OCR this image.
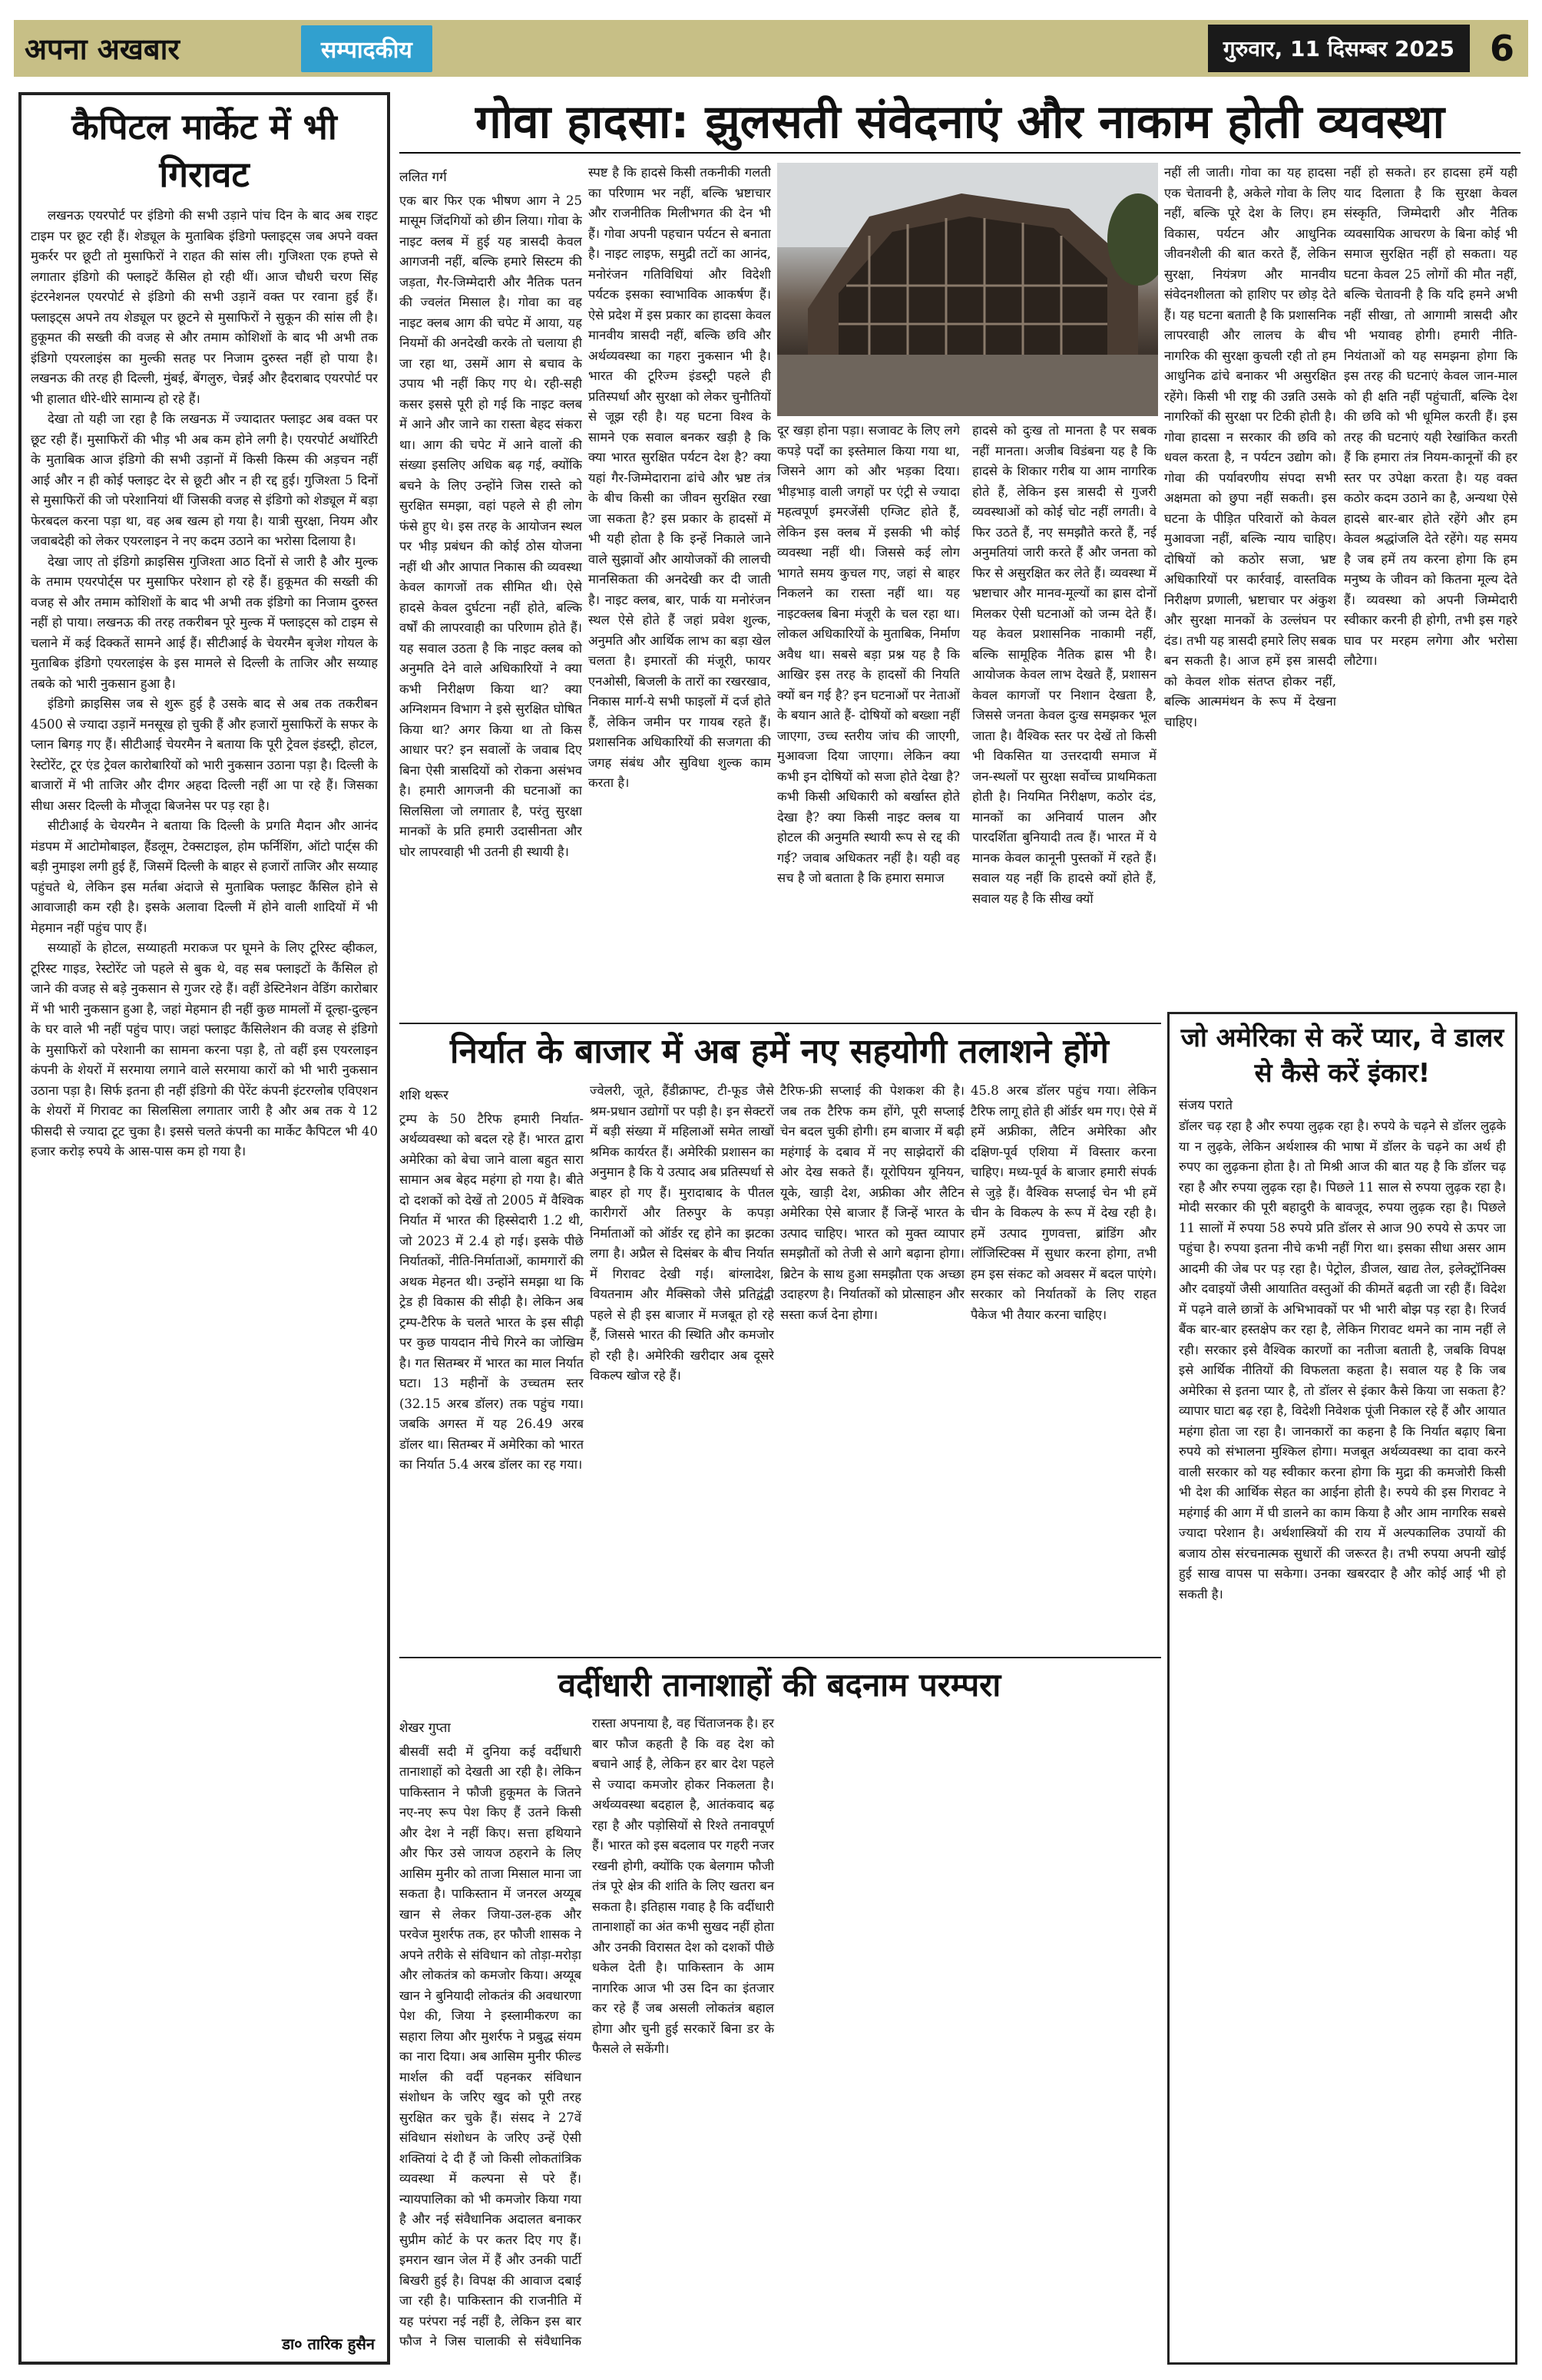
अपना अखबार	सम्पादकीय	गुरुवार, 11 दिसम्बर 2025 6
कैपिटल मार्केट में भी गिरावट

लखनऊ एयरपोर्ट पर इंडिगो की सभी उड़ाने पांच दिन के बाद अब राइट टाइम पर छूट रही हैं। शेड्यूल के मुताबिक इंडिगो फ्लाइट्स जब अपने वक्त मुकर्रर पर छूटी तो मुसाफिरों ने राहत की सांस ली। गुजिश्ता एक हफ्ते से लगातार इंडिगो की फ्लाइटें कैंसिल हो रही थीं। आज चौधरी चरण सिंह इंटरनेशनल एयरपोर्ट से इंडिगो की सभी उड़ानें वक्त पर रवाना हुई हैं। फ्लाइट्स अपने तय शेड्यूल पर छूटने से मुसाफिरों ने सुकून की सांस ली है। हुकूमत की सख्ती की वजह से और तमाम कोशिशों के बाद भी अभी तक इंडिगो एयरलाइंस का मुल्की सतह पर निजाम दुरुस्त नहीं हो पाया है। लखनऊ की तरह ही दिल्ली, मुंबई, बेंगलुरु, चेन्नई और हैदराबाद एयरपोर्ट पर भी हालात धीरे-धीरे सामान्य हो रहे हैं।

देखा तो यही जा रहा है कि लखनऊ में ज्यादातर फ्लाइट अब वक्त पर छूट रही हैं। मुसाफिरों की भीड़ भी अब कम होने लगी है। एयरपोर्ट अथॉरिटी के मुताबिक आज इंडिगो की सभी उड़ानों में किसी किस्म की अड़चन नहीं आई और न ही कोई फ्लाइट देर से छूटी और न ही रद्द हुई। गुजिश्ता 5 दिनों से मुसाफिरों की जो परेशानियां थीं जिसकी वजह से इंडिगो को शेड्यूल में बड़ा फेरबदल करना पड़ा था, वह अब खत्म हो गया है। यात्री सुरक्षा, नियम और जवाबदेही को लेकर एयरलाइन ने नए कदम उठाने का भरोसा दिलाया है।

देखा जाए तो इंडिगो क्राइसिस गुजिश्ता आठ दिनों से जारी है और मुल्क के तमाम एयरपोर्ट्स पर मुसाफिर परेशान हो रहे हैं। हुकूमत की सख्ती की वजह से और तमाम कोशिशों के बाद भी अभी तक इंडिगो का निजाम दुरुस्त नहीं हो पाया। लखनऊ की तरह तकरीबन पूरे मुल्क में फ्लाइट्स को टाइम से चलाने में कई दिक्कतें सामने आई हैं। सीटीआई के चेयरमैन बृजेश गोयल के मुताबिक इंडिगो एयरलाइंस के इस मामले से दिल्ली के ताजिर और सय्याह तबके को भारी नुकसान हुआ है।

इंडिगो क्राइसिस जब से शुरू हुई है उसके बाद से अब तक तकरीबन 4500 से ज्यादा उड़ानें मनसूख हो चुकी हैं और हजारों मुसाफिरों के सफर के प्लान बिगड़ गए हैं। सीटीआई चेयरमैन ने बताया कि पूरी ट्रेवल इंडस्ट्री, होटल, रेस्टोरेंट, टूर एंड ट्रेवल कारोबारियों को भारी नुकसान उठाना पड़ा है। दिल्ली के बाजारों में भी ताजिर और दीगर अहदा दिल्ली नहीं आ पा रहे हैं। जिसका सीधा असर दिल्ली के मौजूदा बिजनेस पर पड़ रहा है।

सीटीआई के चेयरमैन ने बताया कि दिल्ली के प्रगति मैदान और आनंद मंडपम में आटोमोबाइल, हैंडलूम, टेक्सटाइल, होम फर्निशिंग, ऑटो पार्ट्स की बड़ी नुमाइश लगी हुई हैं, जिसमें दिल्ली के बाहर से हजारों ताजिर और सय्याह पहुंचते थे, लेकिन इस मर्तबा अंदाजे से मुताबिक फ्लाइट कैंसिल होने से आवाजाही कम रही है। इसके अलावा दिल्ली में होने वाली शादियों में भी मेहमान नहीं पहुंच पाए हैं।

सय्याहों के होटल, सय्याहती मराकज पर घूमने के लिए टूरिस्ट व्हीकल, टूरिस्ट गाइड, रेस्टोरेंट जो पहले से बुक थे, वह सब फ्लाइटों के कैंसिल हो जाने की वजह से बड़े नुकसान से गुजर रहे हैं। वहीं डेस्टिनेशन वेडिंग कारोबार में भी भारी नुकसान हुआ है, जहां मेहमान ही नहीं कुछ मामलों में दूल्हा-दुल्हन के घर वाले भी नहीं पहुंच पाए। जहां फ्लाइट कैंसिलेशन की वजह से इंडिगो के मुसाफिरों को परेशानी का सामना करना पड़ा है, तो वहीं इस एयरलाइन कंपनी के शेयरों में सरमाया लगाने वाले सरमाया कारों को भी भारी नुकसान उठाना पड़ा है। सिर्फ इतना ही नहीं इंडिगो की पेरेंट कंपनी इंटरग्लोब एविएशन के शेयरों में गिरावट का सिलसिला लगातार जारी है और अब तक ये 12 फीसदी से ज्यादा टूट चुका है। इससे चलते कंपनी का मार्केट कैपिटल भी 40 हजार करोड़ रुपये के आस-पास कम हो गया है।

डा० तारिक हुसैन
गोवा हादसा: झुलसती संवेदनाएं और नाकाम होती व्यवस्था
ललित गर्ग
एक बार फिर एक भीषण आग ने 25 मासूम जिंदगियों को छीन लिया। गोवा के नाइट क्लब में हुई यह त्रासदी केवल आगजनी नहीं, बल्कि हमारे सिस्टम की जड़ता, गैर-जिम्मेदारी और नैतिक पतन की ज्वलंत मिसाल है। गोवा का वह नाइट क्लब आग की चपेट में आया, यह नियमों की अनदेखी करके तो चलाया ही जा रहा था, उसमें आग से बचाव के उपाय भी नहीं किए गए थे। रही-सही कसर इससे पूरी हो गई कि नाइट क्लब में आने और जाने का रास्ता बेहद संकरा था। आग की चपेट में आने वालों की संख्या इसलिए अधिक बढ़ गई, क्योंकि बचने के लिए उन्होंने जिस रास्ते को सुरक्षित समझा, वहां पहले से ही लोग फंसे हुए थे। इस तरह के आयोजन स्थल पर भीड़ प्रबंधन की कोई ठोस योजना नहीं थी और आपात निकास की व्यवस्था केवल कागजों तक सीमित थी। ऐसे हादसे केवल दुर्घटना नहीं होते, बल्कि वर्षों की लापरवाही का परिणाम होते हैं। यह सवाल उठता है कि नाइट क्लब को अनुमति देने वाले अधिकारियों ने क्या कभी निरीक्षण किया था? क्या अग्निशमन विभाग ने इसे सुरक्षित घोषित किया था? अगर किया था तो किस आधार पर? इन सवालों के जवाब दिए बिना ऐसी त्रासदियों को रोकना असंभव है। हमारी आगजनी की घटनाओं का सिलसिला जो लगातार है, परंतु सुरक्षा मानकों के प्रति हमारी उदासीनता और घोर लापरवाही भी उतनी ही स्थायी है।
स्पष्ट है कि हादसे किसी तकनीकी गलती का परिणाम भर नहीं, बल्कि भ्रष्टाचार और राजनीतिक मिलीभगत की देन भी हैं। गोवा अपनी पहचान पर्यटन से बनाता है। नाइट लाइफ, समुद्री तटों का आनंद, मनोरंजन गतिविधियां और विदेशी पर्यटक इसका स्वाभाविक आकर्षण हैं। ऐसे प्रदेश में इस प्रकार का हादसा केवल मानवीय त्रासदी नहीं, बल्कि छवि और अर्थव्यवस्था का गहरा नुकसान भी है। भारत की टूरिज्म इंडस्ट्री पहले ही प्रतिस्पर्धा और सुरक्षा को लेकर चुनौतियों से जूझ रही है। यह घटना विश्व के सामने एक सवाल बनकर खड़ी है कि क्या भारत सुरक्षित पर्यटन देश है? क्या यहां गैर-जिम्मेदाराना ढांचे और भ्रष्ट तंत्र के बीच किसी का जीवन सुरक्षित रखा जा सकता है? इस प्रकार के हादसों में भी यही होता है कि इन्हें निकाले जाने वाले सुझावों और आयोजकों की लालची मानसिकता की अनदेखी कर दी जाती है। नाइट क्लब, बार, पार्क या मनोरंजन स्थल ऐसे होते हैं जहां प्रवेश शुल्क, अनुमति और आर्थिक लाभ का बड़ा खेल चलता है। इमारतों की मंजूरी, फायर एनओसी, बिजली के तारों का रखरखाव, निकास मार्ग-ये सभी फाइलों में दर्ज होते हैं, लेकिन जमीन पर गायब रहते हैं। प्रशासनिक अधिकारियों की सजगता की जगह संबंध और सुविधा शुल्क काम करता है।
दूर खड़ा होना पड़ा। सजावट के लिए लगे कपड़े पर्दों का इस्तेमाल किया गया था, जिसने आग को और भड़का दिया। भीड़भाड़ वाली जगहों पर एंट्री से ज्यादा महत्वपूर्ण इमरजेंसी एग्जिट होते हैं, लेकिन इस क्लब में इसकी भी कोई व्यवस्था नहीं थी। जिससे कई लोग भागते समय कुचल गए, जहां से बाहर निकलने का रास्ता नहीं था। यह नाइटक्लब बिना मंजूरी के चल रहा था। लोकल अधिकारियों के मुताबिक, निर्माण अवैध था। सबसे बड़ा प्रश्न यह है कि आखिर इस तरह के हादसों की नियति क्यों बन गई है? इन घटनाओं पर नेताओं के बयान आते हैं- दोषियों को बख्शा नहीं जाएगा, उच्च स्तरीय जांच की जाएगी, मुआवजा दिया जाएगा। लेकिन क्या कभी इन दोषियों को सजा होते देखा है? कभी किसी अधिकारी को बर्खास्त होते देखा है? क्या किसी नाइट क्लब या होटल की अनुमति स्थायी रूप से रद्द की गई? जवाब अधिकतर नहीं है। यही वह सच है जो बताता है कि हमारा समाज
हादसे को दुःख तो मानता है पर सबक नहीं मानता। अजीब विडंबना यह है कि हादसे के शिकार गरीब या आम नागरिक होते हैं, लेकिन इस त्रासदी से गुजरी व्यवस्थाओं को कोई चोट नहीं लगती। वे फिर उठते हैं, नए समझौते करते हैं, नई अनुमतियां जारी करते हैं और जनता को फिर से असुरक्षित कर लेते हैं। व्यवस्था में भ्रष्टाचार और मानव-मूल्यों का ह्रास दोनों मिलकर ऐसी घटनाओं को जन्म देते हैं। यह केवल प्रशासनिक नाकामी नहीं, बल्कि सामूहिक नैतिक ह्रास भी है। आयोजक केवल लाभ देखते हैं, प्रशासन केवल कागजों पर निशान देखता है, जिससे जनता केवल दुःख समझकर भूल जाता है। वैश्विक स्तर पर देखें तो किसी भी विकसित या उत्तरदायी समाज में जन-स्थलों पर सुरक्षा सर्वोच्च प्राथमिकता होती है। नियमित निरीक्षण, कठोर दंड, मानकों का अनिवार्य पालन और पारदर्शिता बुनियादी तत्व हैं। भारत में ये मानक केवल कानूनी पुस्तकों में रहते हैं। सवाल यह नहीं कि हादसे क्यों होते हैं, सवाल यह है कि सीख क्यों
नहीं ली जाती। गोवा का यह हादसा एक चेतावनी है, अकेले गोवा के लिए नहीं, बल्कि पूरे देश के लिए। हम विकास, पर्यटन और आधुनिक जीवनशैली की बात करते हैं, लेकिन सुरक्षा, नियंत्रण और मानवीय संवेदनशीलता को हाशिए पर छोड़ देते हैं। यह घटना बताती है कि प्रशासनिक लापरवाही और लालच के बीच नागरिक की सुरक्षा कुचली रही तो हम आधुनिक ढांचे बनाकर भी असुरक्षित रहेंगे। किसी भी राष्ट्र की उन्नति उसके नागरिकों की सुरक्षा पर टिकी होती है। गोवा हादसा न सरकार की छवि को धवल करता है, न पर्यटन उद्योग को। गोवा की पर्यावरणीय संपदा सभी अक्षमता को छुपा नहीं सकती। इस घटना के पीड़ित परिवारों को केवल मुआवजा नहीं, बल्कि न्याय चाहिए। दोषियों को कठोर सजा, भ्रष्ट अधिकारियों पर कार्रवाई, वास्तविक निरीक्षण प्रणाली, भ्रष्टाचार पर अंकुश और सुरक्षा मानकों के उल्लंघन पर दंड। तभी यह त्रासदी हमारे लिए सबक बन सकती है। आज हमें इस त्रासदी को केवल शोक संतप्त होकर नहीं, बल्कि आत्ममंथन के रूप में देखना चाहिए।
नहीं हो सकते। हर हादसा हमें यही याद दिलाता है कि सुरक्षा केवल संस्कृति, जिम्मेदारी और नैतिक व्यवसायिक आचरण के बिना कोई भी समाज सुरक्षित नहीं हो सकता। यह घटना केवल 25 लोगों की मौत नहीं, बल्कि चेतावनी है कि यदि हमने अभी नहीं सीखा, तो आगामी त्रासदी और भी भयावह होगी। हमारी नीति-नियंताओं को यह समझना होगा कि इस तरह की घटनाएं केवल जान-माल को ही क्षति नहीं पहुंचातीं, बल्कि देश की छवि को भी धूमिल करती हैं। इस तरह की घटनाएं यही रेखांकित करती हैं कि हमारा तंत्र नियम-कानूनों की हर स्तर पर उपेक्षा करता है। यह वक्त कठोर कदम उठाने का है, अन्यथा ऐसे हादसे बार-बार होते रहेंगे और हम केवल श्रद्धांजलि देते रहेंगे। यह समय है जब हमें तय करना होगा कि हम मनुष्य के जीवन को कितना मूल्य देते हैं। व्यवस्था को अपनी जिम्मेदारी स्वीकार करनी ही होगी, तभी इस गहरे घाव पर मरहम लगेगा और भरोसा लौटेगा।
निर्यात के बाजार में अब हमें नए सहयोगी तलाशने होंगे
शशि थरूर
ट्रम्प के 50 टैरिफ हमारी निर्यात-अर्थव्यवस्था को बदल रहे हैं। भारत द्वारा अमेरिका को बेचा जाने वाला बहुत सारा सामान अब बेहद महंगा हो गया है। बीते दो दशकों को देखें तो 2005 में वैश्विक निर्यात में भारत की हिस्सेदारी 1.2 थी, जो 2023 में 2.4 हो गई। इसके पीछे निर्यातकों, नीति-निर्माताओं, कामगारों की अथक मेहनत थी। उन्होंने समझा था कि ट्रेड ही विकास की सीढ़ी है। लेकिन अब ट्रम्प-टैरिफ के चलते भारत के इस सीढ़ी पर कुछ पायदान नीचे गिरने का जोखिम है। गत सितम्बर में भारत का माल निर्यात घटा। 13 महीनों के उच्चतम स्तर (32.15 अरब डॉलर) तक पहुंच गया। जबकि अगस्त में यह 26.49 अरब डॉलर था। सितम्बर में अमेरिका को भारत का निर्यात 5.4 अरब डॉलर का रह गया।
ज्वेलरी, जूते, हैंडीक्राफ्ट, टी-फूड जैसे श्रम-प्रधान उद्योगों पर पड़ी है। इन सेक्टरों में बड़ी संख्या में महिलाओं समेत लाखों श्रमिक कार्यरत हैं। अमेरिकी प्रशासन का अनुमान है कि ये उत्पाद अब प्रतिस्पर्धा से बाहर हो गए हैं। मुरादाबाद के पीतल कारीगरों और तिरुपुर के कपड़ा निर्माताओं को ऑर्डर रद्द होने का झटका लगा है। अप्रैल से दिसंबर के बीच निर्यात में गिरावट देखी गई। बांग्लादेश, वियतनाम और मैक्सिको जैसे प्रतिद्वंद्वी पहले से ही इस बाजार में मजबूत हो रहे हैं, जिससे भारत की स्थिति और कमजोर हो रही है। अमेरिकी खरीदार अब दूसरे विकल्प खोज रहे हैं।
टैरिफ-फ्री सप्लाई की पेशकश की है। जब तक टैरिफ कम होंगे, पूरी सप्लाई चेन बदल चुकी होगी। हम बाजार में बढ़ी महंगाई के दबाव में नए साझेदारों की ओर देख सकते हैं। यूरोपियन यूनियन, यूके, खाड़ी देश, अफ्रीका और लैटिन अमेरिका ऐसे बाजार हैं जिन्हें भारत के उत्पाद चाहिए। भारत को मुक्त व्यापार समझौतों को तेजी से आगे बढ़ाना होगा। ब्रिटेन के साथ हुआ समझौता एक अच्छा उदाहरण है। निर्यातकों को प्रोत्साहन और सस्ता कर्ज देना होगा।
45.8 अरब डॉलर पहुंच गया। लेकिन टैरिफ लागू होते ही ऑर्डर थम गए। ऐसे में हमें अफ्रीका, लैटिन अमेरिका और दक्षिण-पूर्व एशिया में विस्तार करना चाहिए। मध्य-पूर्व के बाजार हमारी संपर्क से जुड़े हैं। वैश्विक सप्लाई चेन भी हमें चीन के विकल्प के रूप में देख रही है। हमें उत्पाद गुणवत्ता, ब्रांडिंग और लॉजिस्टिक्स में सुधार करना होगा, तभी हम इस संकट को अवसर में बदल पाएंगे। सरकार को निर्यातकों के लिए राहत पैकेज भी तैयार करना चाहिए।
जो अमेरिका से करें प्यार, वे डालर से कैसे करें इंकार!
संजय पराते
डॉलर चढ़ रहा है और रुपया लुढ़क रहा है। रुपये के चढ़ने से डॉलर लुढ़के या न लुढ़के, लेकिन अर्थशास्त्र की भाषा में डॉलर के चढ़ने का अर्थ ही रुपए का लुढ़कना होता है। तो मिश्री आज की बात यह है कि डॉलर चढ़ रहा है और रुपया लुढ़क रहा है। पिछले 11 साल से रुपया लुढ़क रहा है। मोदी सरकार की पूरी बहादुरी के बावजूद, रुपया लुढ़क रहा है। पिछले 11 सालों में रुपया 58 रुपये प्रति डॉलर से आज 90 रुपये से ऊपर जा पहुंचा है। रुपया इतना नीचे कभी नहीं गिरा था। इसका सीधा असर आम आदमी की जेब पर पड़ रहा है। पेट्रोल, डीजल, खाद्य तेल, इलेक्ट्रॉनिक्स और दवाइयों जैसी आयातित वस्तुओं की कीमतें बढ़ती जा रही हैं। विदेश में पढ़ने वाले छात्रों के अभिभावकों पर भी भारी बोझ पड़ रहा है। रिजर्व बैंक बार-बार हस्तक्षेप कर रहा है, लेकिन गिरावट थमने का नाम नहीं ले रही। सरकार इसे वैश्विक कारणों का नतीजा बताती है, जबकि विपक्ष इसे आर्थिक नीतियों की विफलता कहता है। सवाल यह है कि जब अमेरिका से इतना प्यार है, तो डॉलर से इंकार कैसे किया जा सकता है? व्यापार घाटा बढ़ रहा है, विदेशी निवेशक पूंजी निकाल रहे हैं और आयात महंगा होता जा रहा है। जानकारों का कहना है कि निर्यात बढ़ाए बिना रुपये को संभालना मुश्किल होगा। मजबूत अर्थव्यवस्था का दावा करने वाली सरकार को यह स्वीकार करना होगा कि मुद्रा की कमजोरी किसी भी देश की आर्थिक सेहत का आईना होती है। रुपये की इस गिरावट ने महंगाई की आग में घी डालने का काम किया है और आम नागरिक सबसे ज्यादा परेशान है। अर्थशास्त्रियों की राय में अल्पकालिक उपायों की बजाय ठोस संरचनात्मक सुधारों की जरूरत है। तभी रुपया अपनी खोई हुई साख वापस पा सकेगा। उनका खबरदार है और कोई आई भी हो सकती है।
वर्दीधारी तानाशाहों की बदनाम परम्परा
शेखर गुप्ता
बीसवीं सदी में दुनिया कई वर्दीधारी तानाशाहों को देखती आ रही है। लेकिन पाकिस्तान ने फौजी हुकूमत के जितने नए-नए रूप पेश किए हैं उतने किसी और देश ने नहीं किए। सत्ता हथियाने और फिर उसे जायज ठहराने के लिए आसिम मुनीर को ताजा मिसाल माना जा सकता है। पाकिस्तान में जनरल अय्यूब खान से लेकर जिया-उल-हक और परवेज मुशर्रफ तक, हर फौजी शासक ने अपने तरीके से संविधान को तोड़ा-मरोड़ा और लोकतंत्र को कमजोर किया। अय्यूब खान ने बुनियादी लोकतंत्र की अवधारणा पेश की, जिया ने इस्लामीकरण का सहारा लिया और मुशर्रफ ने प्रबुद्ध संयम का नारा दिया। अब आसिम मुनीर फील्ड मार्शल की वर्दी पहनकर संविधान संशोधन के जरिए खुद को पूरी तरह सुरक्षित कर चुके हैं। संसद ने 27वें संविधान संशोधन के जरिए उन्हें ऐसी शक्तियां दे दी हैं जो किसी लोकतांत्रिक व्यवस्था में कल्पना से परे हैं। न्यायपालिका को भी कमजोर किया गया है और नई संवैधानिक अदालत बनाकर सुप्रीम कोर्ट के पर कतर दिए गए हैं। इमरान खान जेल में हैं और उनकी पार्टी बिखरी हुई है। विपक्ष की आवाज दबाई जा रही है। पाकिस्तान की राजनीति में यह परंपरा नई नहीं है, लेकिन इस बार फौज ने जिस चालाकी से संवैधानिक रास्ता अपनाया है, वह चिंताजनक है। हर बार फौज कहती है कि वह देश को बचाने आई है, लेकिन हर बार देश पहले से ज्यादा कमजोर होकर निकलता है। अर्थव्यवस्था बदहाल है, आतंकवाद बढ़ रहा है और पड़ोसियों से रिश्ते तनावपूर्ण हैं। भारत को इस बदलाव पर गहरी नजर रखनी होगी, क्योंकि एक बेलगाम फौजी तंत्र पूरे क्षेत्र की शांति के लिए खतरा बन सकता है। इतिहास गवाह है कि वर्दीधारी तानाशाहों का अंत कभी सुखद नहीं होता और उनकी विरासत देश को दशकों पीछे धकेल देती है। पाकिस्तान के आम नागरिक आज भी उस दिन का इंतजार कर रहे हैं जब असली लोकतंत्र बहाल होगा और चुनी हुई सरकारें बिना डर के फैसले ले सकेंगी।
